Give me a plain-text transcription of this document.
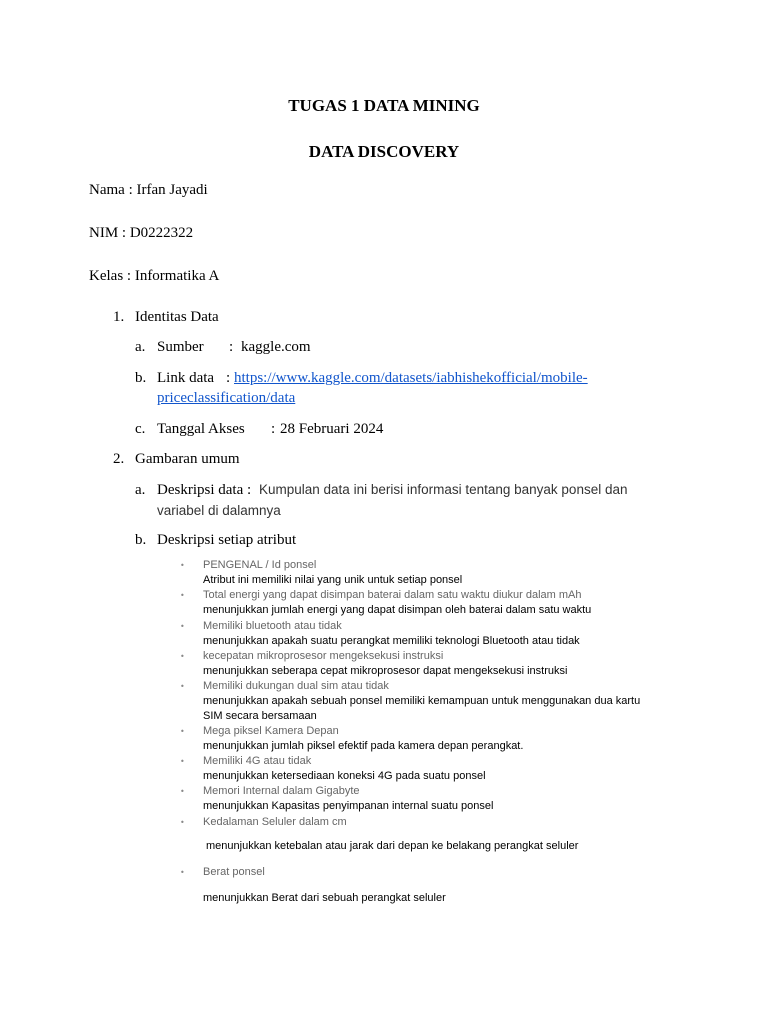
TUGAS 1 DATA MINING
DATA DISCOVERY
Nama : Irfan Jayadi
NIM : D0222322
Kelas : Informatika A
1. Identitas Data
a. Sumber : kaggle.com
b. Link data : https://www.kaggle.com/datasets/iabhishekofficial/mobile-
priceclassification/data
c. Tanggal Akses : 28 Februari 2024
2. Gambaran umum
a. Deskripsi data : Kumpulan data ini berisi informasi tentang banyak ponsel dan
variabel di dalamnya
b. Deskripsi setiap atribut
• PENGENAL / Id ponsel
Atribut ini memiliki nilai yang unik untuk setiap ponsel
• Total energi yang dapat disimpan baterai dalam satu waktu diukur dalam mAh
menunjukkan jumlah energi yang dapat disimpan oleh baterai dalam satu waktu
• Memiliki bluetooth atau tidak
menunjukkan apakah suatu perangkat memiliki teknologi Bluetooth atau tidak
• kecepatan mikroprosesor mengeksekusi instruksi
menunjukkan seberapa cepat mikroprosesor dapat mengeksekusi instruksi
• Memiliki dukungan dual sim atau tidak
menunjukkan apakah sebuah ponsel memiliki kemampuan untuk menggunakan dua kartu
SIM secara bersamaan
• Mega piksel Kamera Depan
menunjukkan jumlah piksel efektif pada kamera depan perangkat.
• Memiliki 4G atau tidak
menunjukkan ketersediaan koneksi 4G pada suatu ponsel
• Memori Internal dalam Gigabyte
menunjukkan Kapasitas penyimpanan internal suatu ponsel
• Kedalaman Seluler dalam cm
menunjukkan ketebalan atau jarak dari depan ke belakang perangkat seluler
• Berat ponsel
menunjukkan Berat dari sebuah perangkat seluler
